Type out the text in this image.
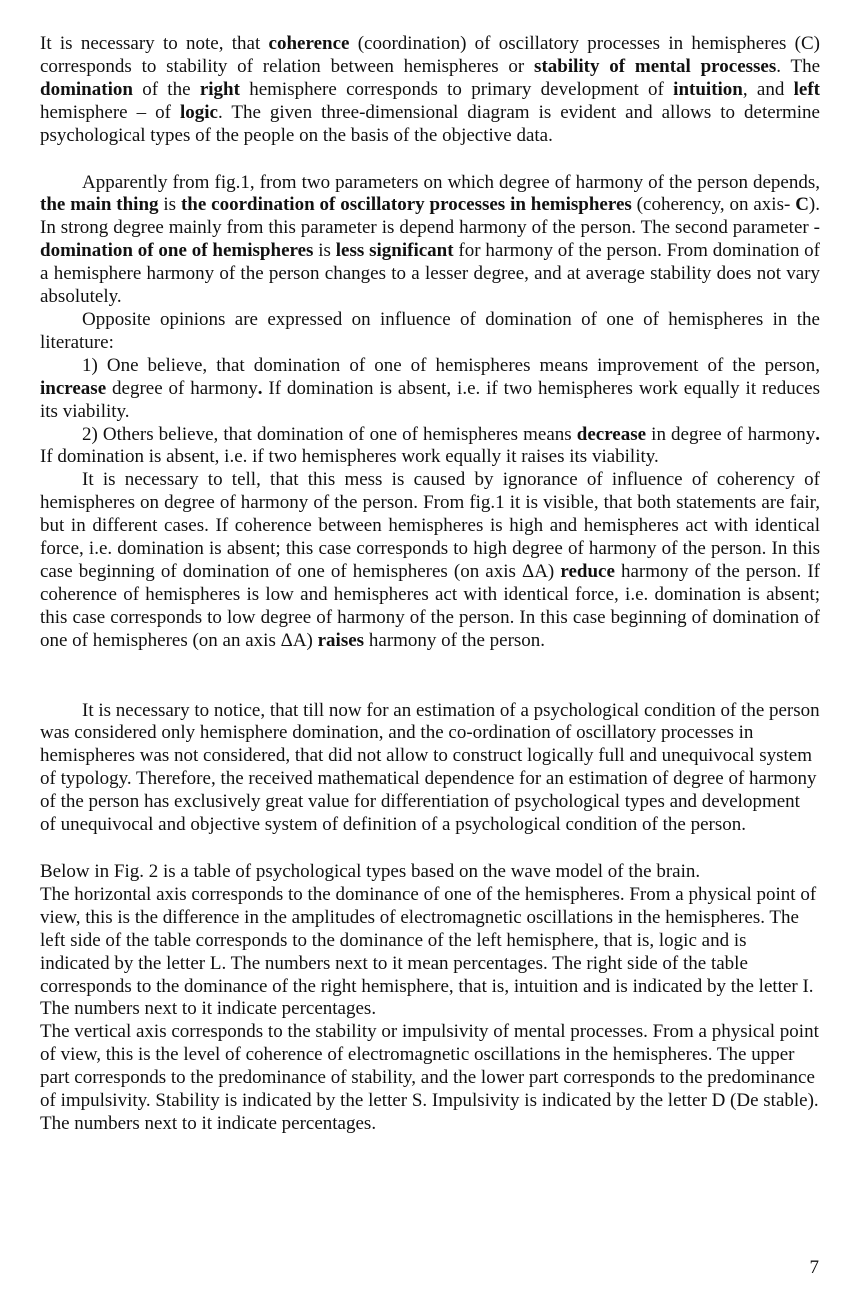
It is necessary to note, that coherence (coordination) of oscillatory processes in hemispheres (C) corresponds to stability of relation between hemispheres or stability of mental processes. The domination of the right hemisphere corresponds to primary development of intuition, and left hemisphere – of logic. The given three-dimensional diagram is evident and allows to determine psychological types of the people on the basis of the objective data.

Apparently from fig.1, from two parameters on which degree of harmony of the person depends, the main thing is the coordination of oscillatory processes in hemispheres (coherency, on axis- C). In strong degree mainly from this parameter is depend harmony of the person. The second parameter - domination of one of hemispheres is less significant for harmony of the person. From domination of a hemisphere harmony of the person changes to a lesser degree, and at average stability does not vary absolutely.

Opposite opinions are expressed on influence of domination of one of hemispheres in the literature:

1) One believe, that domination of one of hemispheres means improvement of the person, increase degree of harmony. If domination is absent, i.e. if two hemispheres work equally it reduces its viability.

2) Others believe, that domination of one of hemispheres means decrease in degree of harmony. If domination is absent, i.e. if two hemispheres work equally it raises its viability.

It is necessary to tell, that this mess is caused by ignorance of influence of coherency of hemispheres on degree of harmony of the person. From fig.1 it is visible, that both statements are fair, but in different cases. If coherence between hemispheres is high and hemispheres act with identical force, i.e. domination is absent; this case corresponds to high degree of harmony of the person. In this case beginning of domination of one of hemispheres (on axis ΔA) reduce harmony of the person. If coherence of hemispheres is low and hemispheres act with identical force, i.e. domination is absent; this case corresponds to low degree of harmony of the person. In this case beginning of domination of one of hemispheres (on an axis ΔA) raises harmony of the person.

It is necessary to notice, that till now for an estimation of a psychological condition of the person was considered only hemisphere domination, and the co-ordination of oscillatory processes in hemispheres was not considered, that did not allow to construct logically full and unequivocal system of typology. Therefore, the received mathematical dependence for an estimation of degree of harmony of the person has exclusively great value for differentiation of psychological types and development of unequivocal and objective system of definition of a psychological condition of the person.

Below in Fig. 2 is a table of psychological types based on the wave model of the brain.

The horizontal axis corresponds to the dominance of one of the hemispheres. From a physical point of view, this is the difference in the amplitudes of electromagnetic oscillations in the hemispheres. The left side of the table corresponds to the dominance of the left hemisphere, that is, logic and is indicated by the letter L. The numbers next to it mean percentages. The right side of the table corresponds to the dominance of the right hemisphere, that is, intuition and is indicated by the letter I. The numbers next to it indicate percentages.

The vertical axis corresponds to the stability or impulsivity of mental processes. From a physical point of view, this is the level of coherence of electromagnetic oscillations in the hemispheres. The upper part corresponds to the predominance of stability, and the lower part corresponds to the predominance of impulsivity. Stability is indicated by the letter S. Impulsivity is indicated by the letter D (De stable). The numbers next to it indicate percentages.

7
